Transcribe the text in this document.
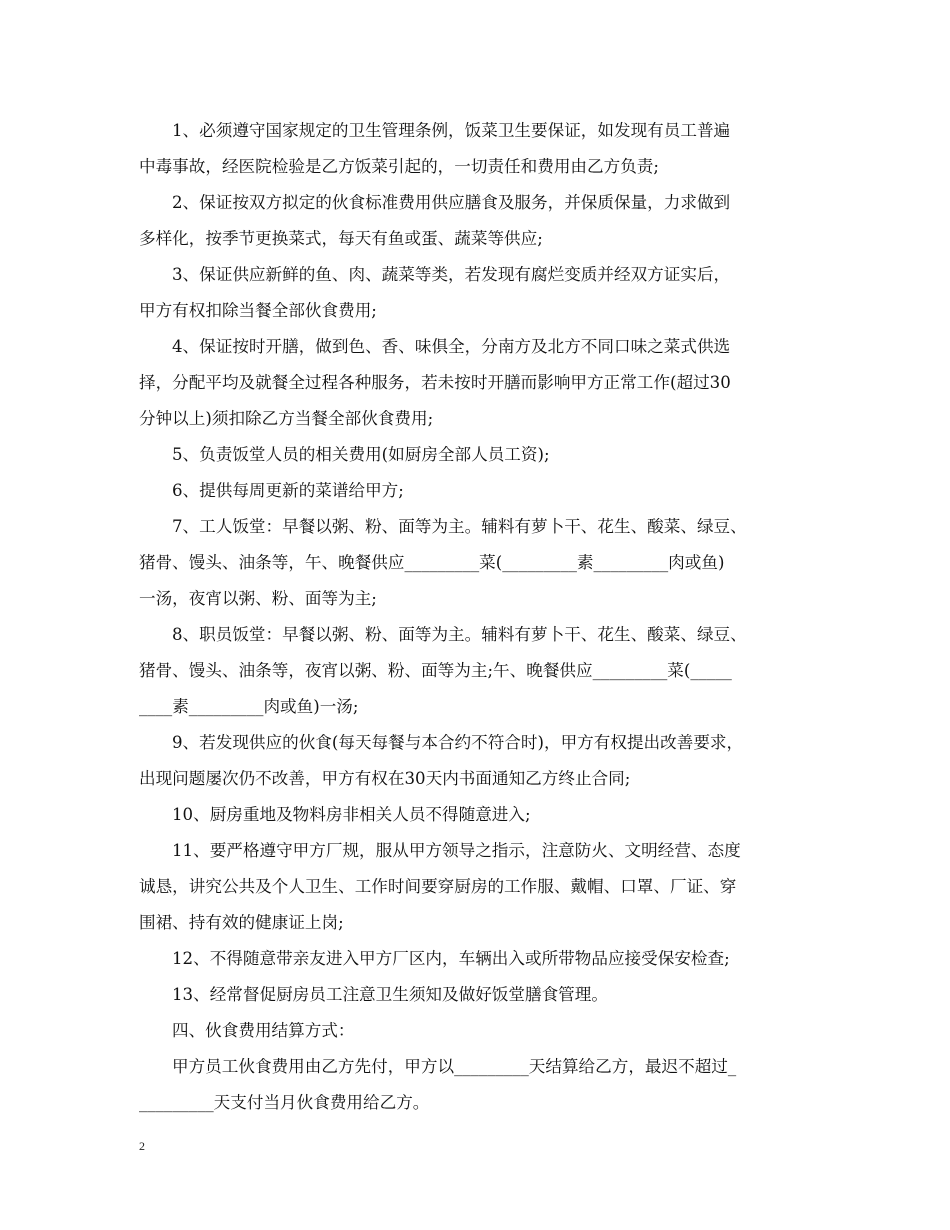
1、必须遵守国家规定的卫生管理条例，饭菜卫生要保证，如发现有员工普遍
中毒事故，经医院检验是乙方饭菜引起的，一切责任和费用由乙方负责;
2、保证按双方拟定的伙食标准费用供应膳食及服务，并保质保量，力求做到
多样化，按季节更换菜式，每天有鱼或蛋、蔬菜等供应;
3、保证供应新鲜的鱼、肉、蔬菜等类，若发现有腐烂变质并经双方证实后，
甲方有权扣除当餐全部伙食费用;
4、保证按时开膳，做到色、香、味俱全，分南方及北方不同口味之菜式供选
择，分配平均及就餐全过程各种服务，若未按时开膳而影响甲方正常工作(超过30
分钟以上)须扣除乙方当餐全部伙食费用;
5、负责饭堂人员的相关费用(如厨房全部人员工资);
6、提供每周更新的菜谱给甲方;
7、工人饭堂：早餐以粥、粉、面等为主。辅料有萝卜干、花生、酸菜、绿豆、
猪骨、馒头、油条等，午、晚餐供应_________菜(_________素_________肉或鱼)
一汤，夜宵以粥、粉、面等为主;
8、职员饭堂：早餐以粥、粉、面等为主。辅料有萝卜干、花生、酸菜、绿豆、
猪骨、馒头、油条等，夜宵以粥、粉、面等为主;午、晚餐供应_________菜(_____
____素_________肉或鱼)一汤;
9、若发现供应的伙食(每天每餐与本合约不符合时)，甲方有权提出改善要求，
出现问题屡次仍不改善，甲方有权在30天内书面通知乙方终止合同;
10、厨房重地及物料房非相关人员不得随意进入;
11、要严格遵守甲方厂规，服从甲方领导之指示，注意防火、文明经营、态度
诚恳，讲究公共及个人卫生、工作时间要穿厨房的工作服、戴帽、口罩、厂证、穿
围裙、持有效的健康证上岗;
12、不得随意带亲友进入甲方厂区内，车辆出入或所带物品应接受保安检查;
13、经常督促厨房员工注意卫生须知及做好饭堂膳食管理。
四、伙食费用结算方式：
甲方员工伙食费用由乙方先付，甲方以_________天结算给乙方，最迟不超过_
_________天支付当月伙食费用给乙方。
2
